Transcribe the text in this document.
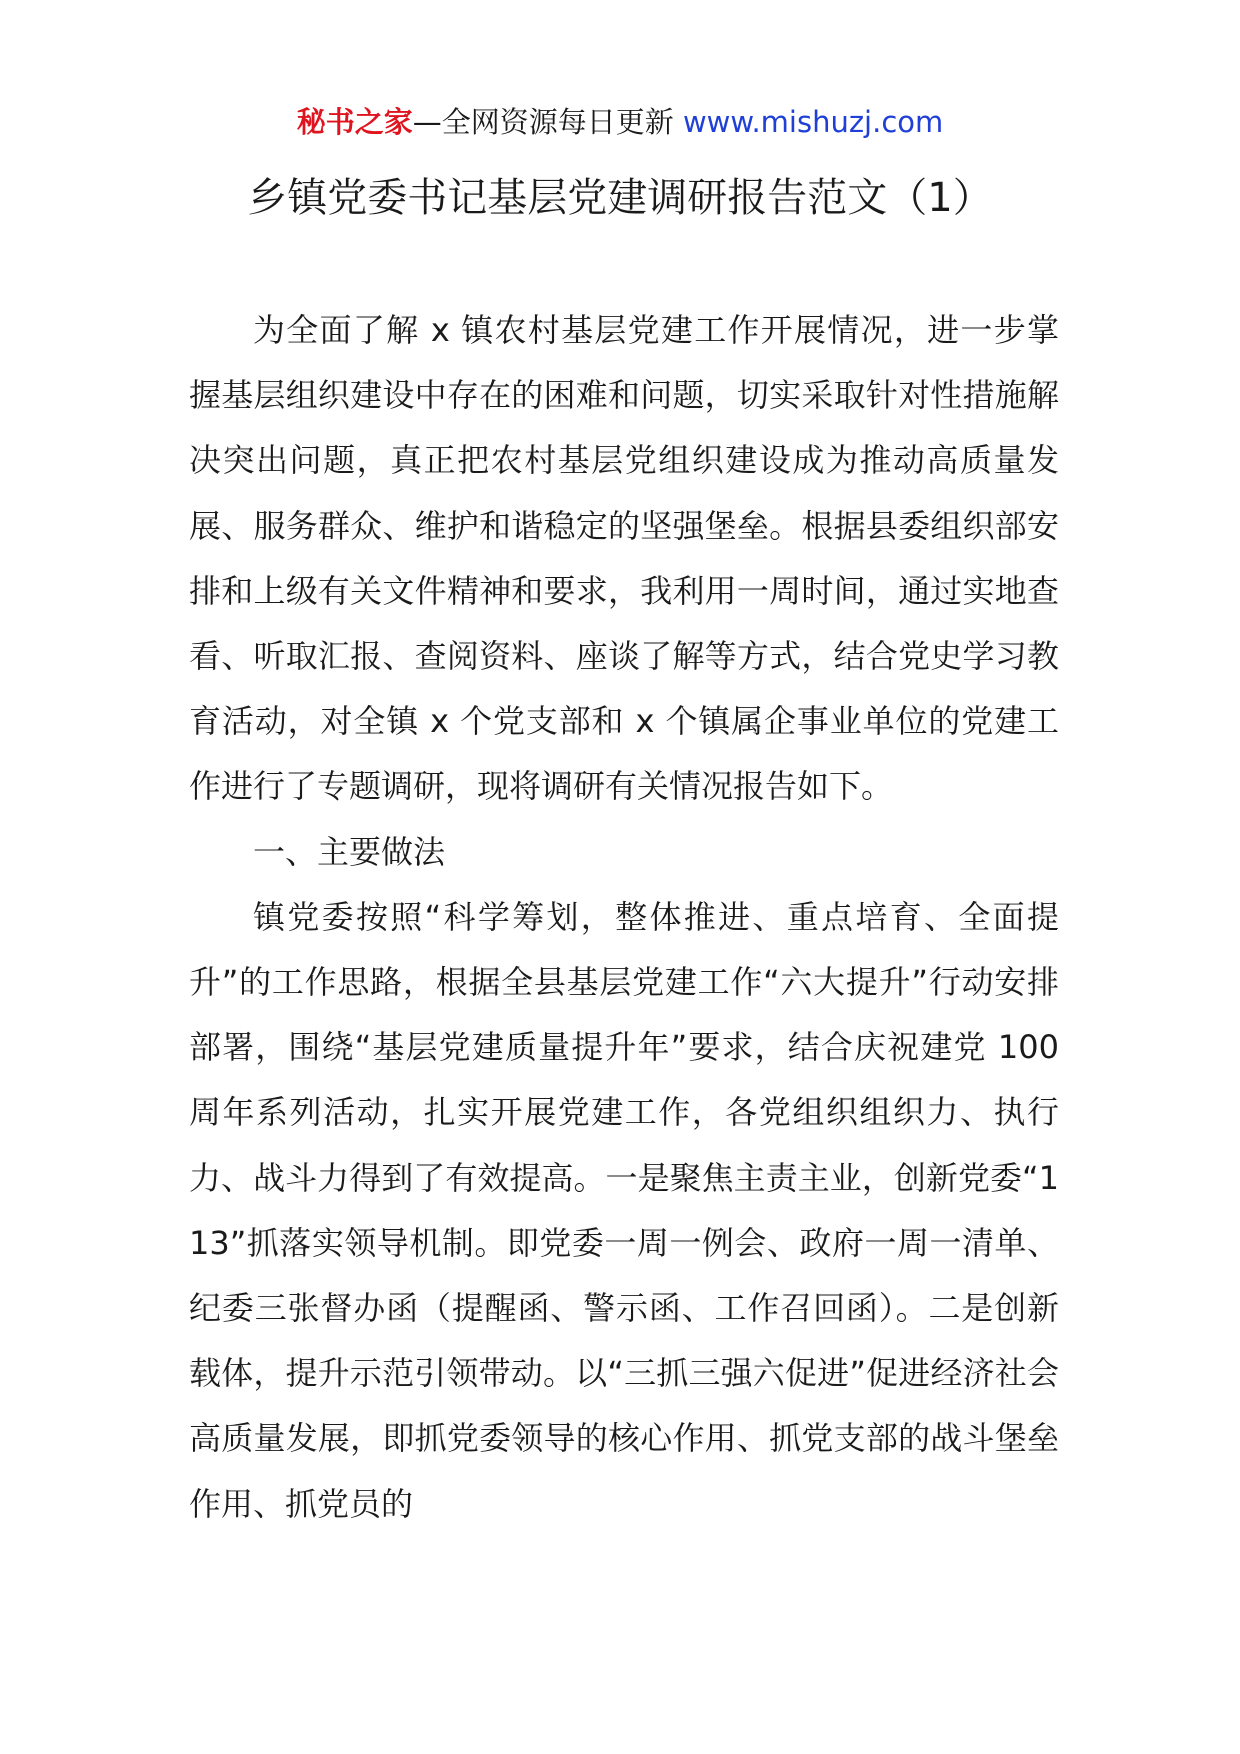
秘书之家—全网资源每日更新 www.mishuzj.com
乡镇党委书记基层党建调研报告范文（1）

为全面了解 x 镇农村基层党建工作开展情况，进一步掌握基层组织建设中存在的困难和问题，切实采取针对性措施解决突出问题，真正把农村基层党组织建设成为推动高质量发展、服务群众、维护和谐稳定的坚强堡垒。根据县委组织部安排和上级有关文件精神和要求，我利用一周时间，通过实地查看、听取汇报、查阅资料、座谈了解等方式，结合党史学习教育活动，对全镇 x 个党支部和 x 个镇属企事业单位的党建工作进行了专题调研，现将调研有关情况报告如下。

一、主要做法

镇党委按照“科学筹划，整体推进、重点培育、全面提升”的工作思路，根据全县基层党建工作“六大提升”行动安排部署，围绕“基层党建质量提升年”要求，结合庆祝建党 100 周年系列活动，扎实开展党建工作，各党组织组织力、执行力、战斗力得到了有效提高。一是聚焦主责主业，创新党委“113”抓落实领导机制。即党委一周一例会、政府一周一清单、纪委三张督办函（提醒函、警示函、工作召回函）。二是创新载体，提升示范引领带动。以“三抓三强六促进”促进经济社会高质量发展，即抓党委领导的核心作用、抓党支部的战斗堡垒作用、抓党员的
